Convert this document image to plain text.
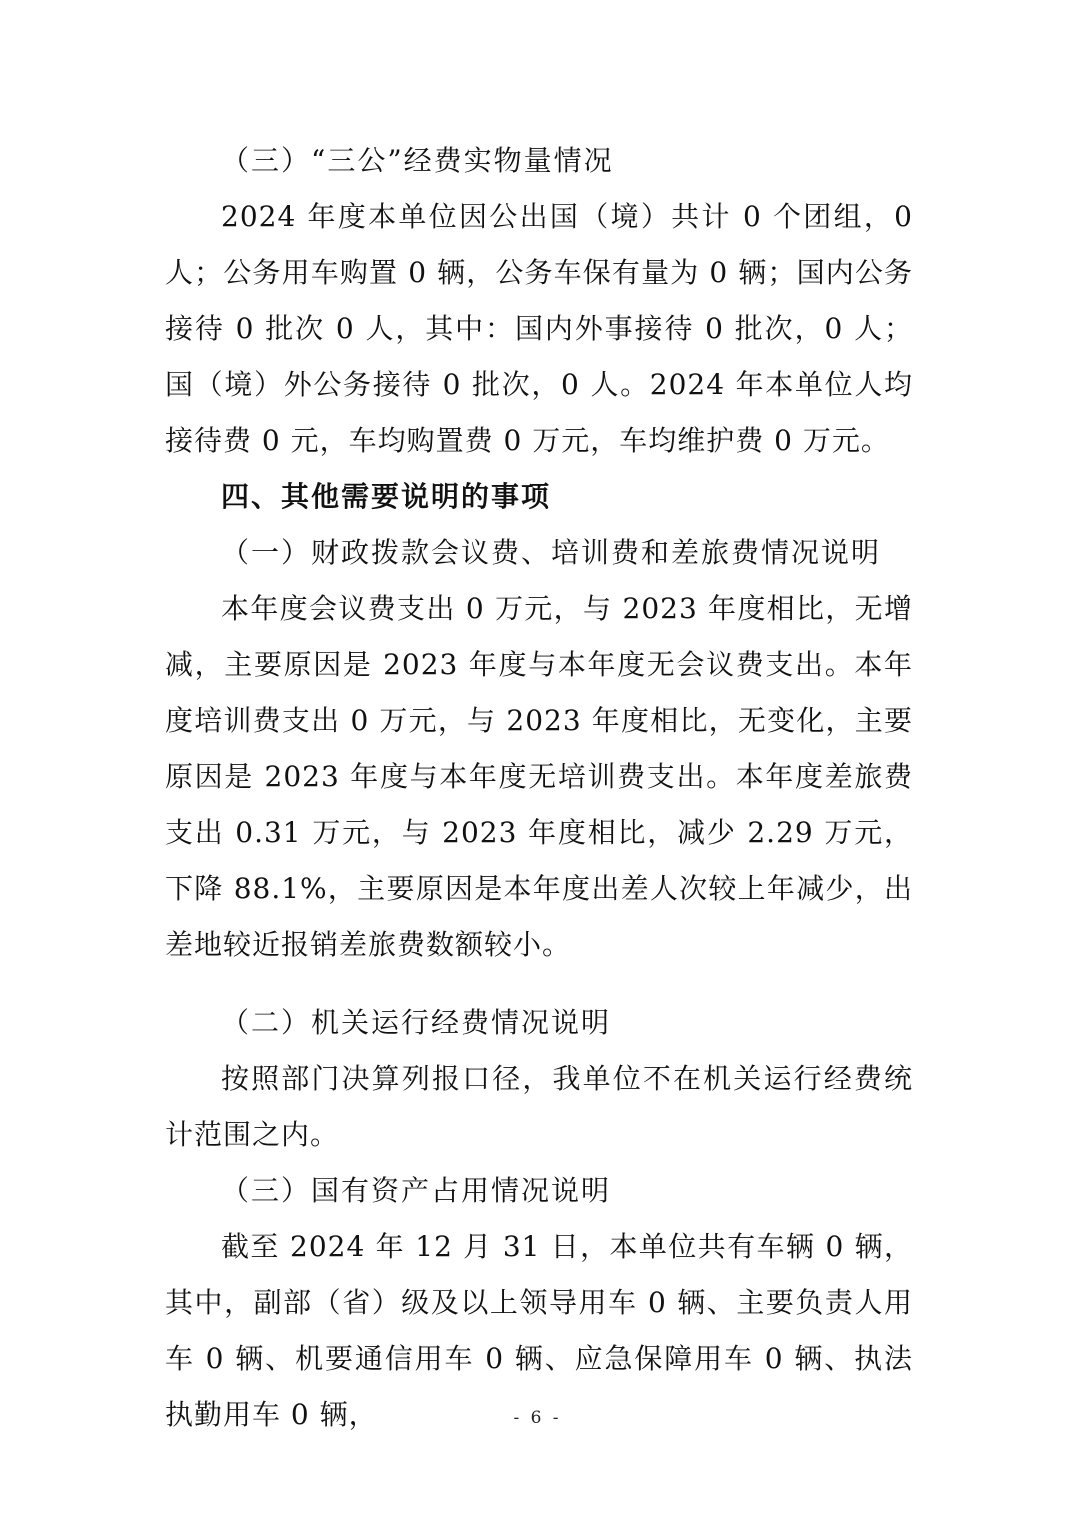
（三）“三公”经费实物量情况

2024 年度本单位因公出国（境）共计 0 个团组，0 人；公务用车购置 0 辆，公务车保有量为 0 辆；国内公务接待 0 批次 0 人，其中：国内外事接待 0 批次，0 人；国（境）外公务接待 0 批次，0 人。2024 年本单位人均接待费 0 元，车均购置费 0 万元，车均维护费 0 万元。

四、其他需要说明的事项

（一）财政拨款会议费、培训费和差旅费情况说明

本年度会议费支出 0 万元，与 2023 年度相比，无增减，主要原因是 2023 年度与本年度无会议费支出。本年度培训费支出 0 万元，与 2023 年度相比，无变化，主要原因是 2023 年度与本年度无培训费支出。本年度差旅费支出 0.31 万元，与 2023 年度相比，减少 2.29 万元，下降 88.1%，主要原因是本年度出差人次较上年减少，出差地较近报销差旅费数额较小。

（二）机关运行经费情况说明

按照部门决算列报口径，我单位不在机关运行经费统计范围之内。

（三）国有资产占用情况说明

截至 2024 年 12 月 31 日，本单位共有车辆 0 辆，其中，副部（省）级及以上领导用车 0 辆、主要负责人用车 0 辆、机要通信用车 0 辆、应急保障用车 0 辆、执法执勤用车 0 辆，	- 6 -
